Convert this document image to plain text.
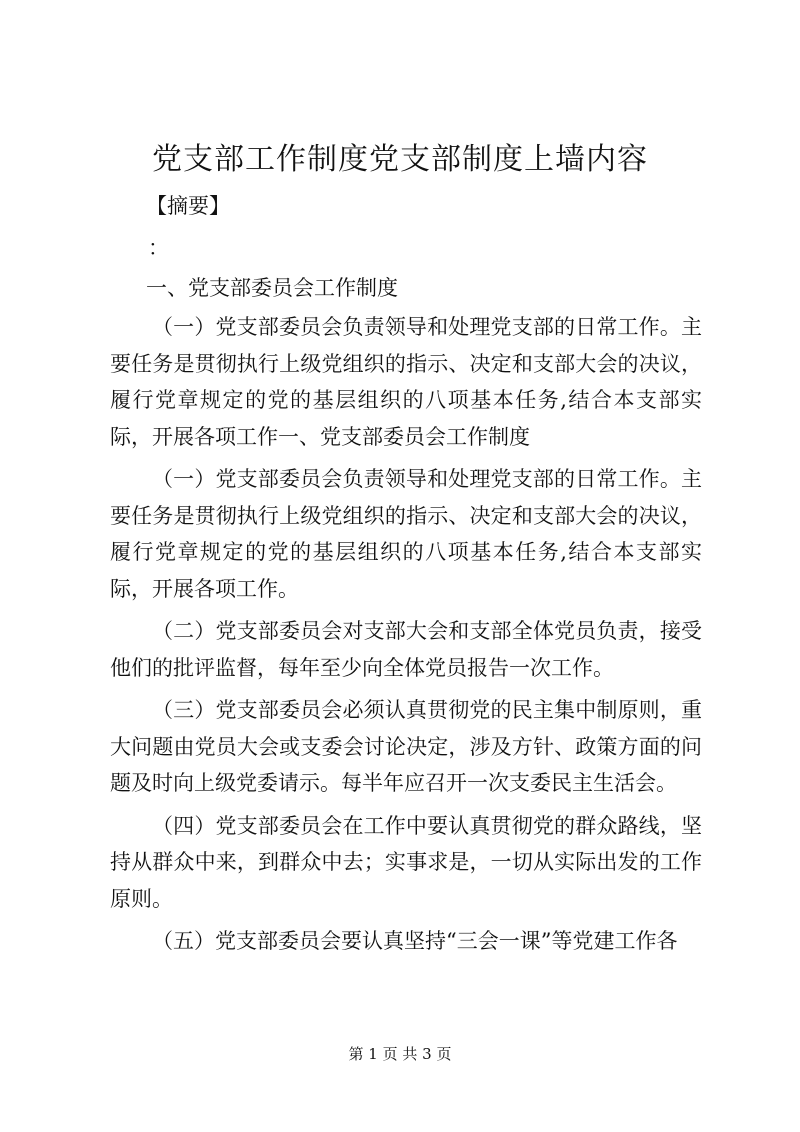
党支部工作制度党支部制度上墙内容
【摘要】
：
一、党支部委员会工作制度

（一）党支部委员会负责领导和处理党支部的日常工作。主要任务是贯彻执行上级党组织的指示、决定和支部大会的决议，履行党章规定的党的基层组织的八项基本任务,结合本支部实际，开展各项工作一、党支部委员会工作制度

（一）党支部委员会负责领导和处理党支部的日常工作。主要任务是贯彻执行上级党组织的指示、决定和支部大会的决议，履行党章规定的党的基层组织的八项基本任务,结合本支部实际，开展各项工作。

（二）党支部委员会对支部大会和支部全体党员负责，接受他们的批评监督，每年至少向全体党员报告一次工作。

（三）党支部委员会必须认真贯彻党的民主集中制原则，重大问题由党员大会或支委会讨论决定，涉及方针、政策方面的问题及时向上级党委请示。每半年应召开一次支委民主生活会。

（四）党支部委员会在工作中要认真贯彻党的群众路线，坚持从群众中来，到群众中去；实事求是，一切从实际出发的工作原则。

（五）党支部委员会要认真坚持“三会一课”等党建工作各

第 1 页 共 3 页
